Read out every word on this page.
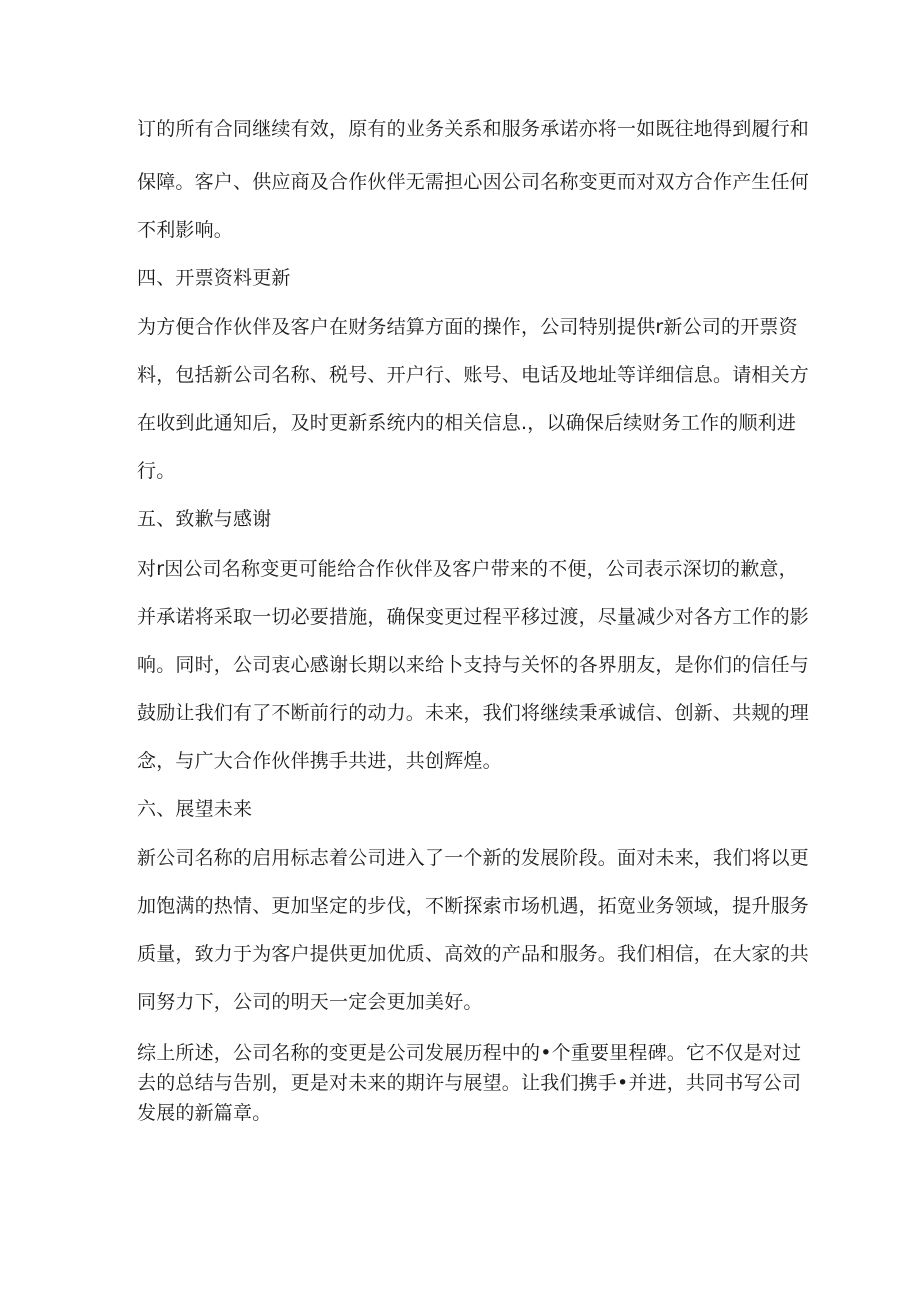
订的所有合同继续有效，原有的业务关系和服务承诺亦将一如既往地得到履行和
保障。客户、供应商及合作伙伴无需担心因公司名称变更而对双方合作产生任何
不利影响。
四、开票资料更新
为方便合作伙伴及客户在财务结算方面的操作，公司特别提供r新公司的开票资
料，包括新公司名称、税号、开户行、账号、电话及地址等详细信息。请相关方
在收到此通知后，及时更新系统内的相关信息.，以确保后续财务工作的顺利进
行。
五、致歉与感谢
对r因公司名称变更可能给合作伙伴及客户带来的不便，公司表示深切的歉意，
并承诺将采取一切必要措施，确保变更过程平移过渡，尽量减少对各方工作的影
响。同时，公司衷心感谢长期以来给卜支持与关怀的各界朋友，是你们的信任与
鼓励让我们有了不断前行的动力。未来，我们将继续秉承诚信、创新、共觌的理
念，与广大合作伙伴携手共进，共创辉煌。
六、展望未来
新公司名称的启用标志着公司进入了一个新的发展阶段。面对未来，我们将以更
加饱满的热情、更加坚定的步伐，不断探索市场机遇，拓宽业务领域，提升服务
质量，致力于为客户提供更加优质、高效的产品和服务。我们相信，在大家的共
同努力下，公司的明天一定会更加美好。
综上所述，公司名称的变更是公司发展历程中的•个重要里程碑。它不仅是对过
去的总结与告别，更是对未来的期许与展望。让我们携手•并进，共同书写公司
发展的新篇章。
